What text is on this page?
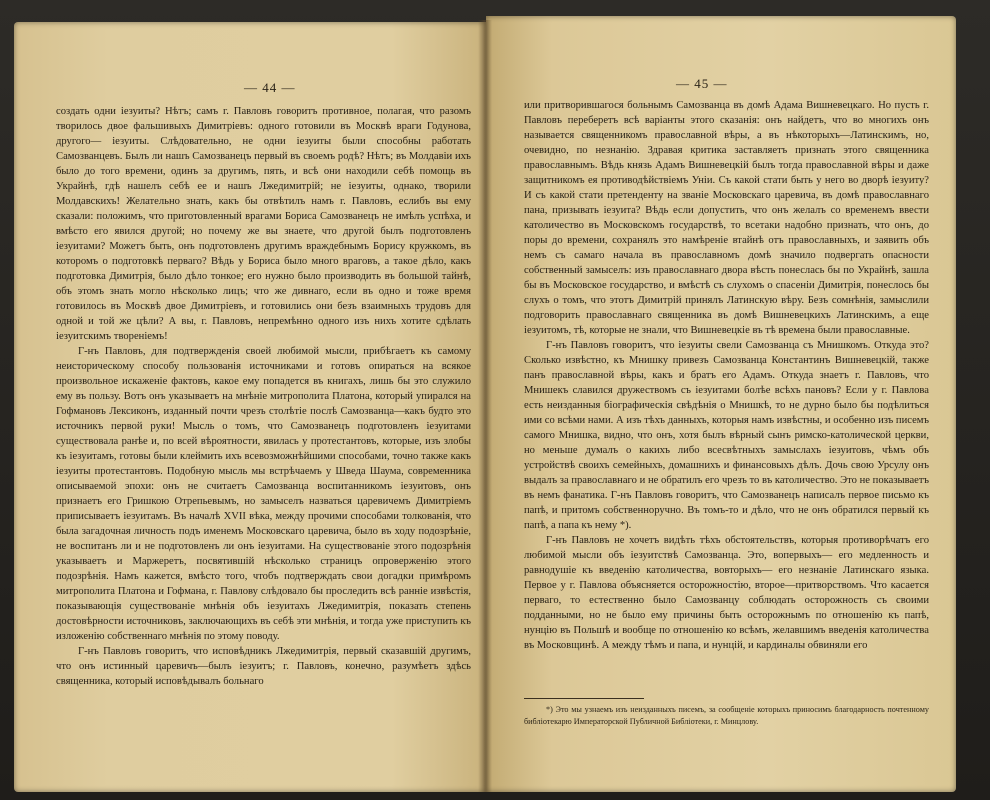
— 44 —

создать одни іезуиты? Нѣтъ; самъ г. Павловъ говоритъ противное, полагая, что разомъ творилось двое фальшивыхъ Димитріевъ: одного готовили въ Москвѣ враги Годунова, другого— іезуиты. Слѣдовательно, не одни іезуиты были способны работать Самозванцевъ. Былъ ли нашъ Самозванецъ первый въ своемъ родѣ? Нѣтъ; въ Молдавіи ихъ было до того времени, одинъ за другимъ, пять, и всѣ они находили себѣ помощь въ Украйнѣ, гдѣ нашелъ себѣ ее и нашъ Лжедимитрій; не іезуиты, однако, творили Молдавскихъ! Желательно знать, какъ бы отвѣтилъ намъ г. Павловъ, еслибъ вы ему сказали: положимъ, что приготовленный врагами Бориса Самозванецъ не имѣлъ успѣха, и вмѣсто его явился другой; но почему же вы знаете, что другой былъ подготовленъ іезуитами? Можетъ быть, онъ подготовленъ другимъ враждебнымъ Борису кружкомъ, въ которомъ о подготовкѣ перваго? Вѣдь у Бориса было много враговъ, а такое дѣло, какъ подготовка Димитрія, было дѣло тонкое; его нужно было производить въ большой тайнѣ, объ этомъ знать могло нѣсколько лицъ; что же дивнаго, если въ одно и тоже время готовилось въ Москвѣ двое Димитріевъ, и готовились они безъ взаимныхъ трудовъ для одной и той же цѣли? А вы, г. Павловъ, непремѣнно одного изъ нихъ хотите сдѣлать іезуитскимъ твореніемъ!

Г-нъ Павловъ, для подтвержденія своей любимой мысли, прибѣгаетъ къ самому неисторическому способу пользованія источниками и готовъ опираться на всякое произвольное искаженіе фактовъ, какое ему попадется въ книгахъ, лишь бы это служило ему въ пользу. Вотъ онъ указываетъ на мнѣніе митрополита Платона, который упирался на Гофмановъ Лексиконъ, изданный почти чрезъ столѣтіе послѣ Самозванца—какъ будто это источникъ первой руки! Мысль о томъ, что Самозванецъ подготовленъ іезуитами существовала ранѣе и, по всей вѣроятности, явилась у протестантовъ, которые, изъ злобы къ іезуитамъ, готовы были клеймить ихъ всевозможнѣйшими способами, точно также какъ іезуиты протестантовъ. Подобную мысль мы встрѣчаемъ у Шведа Шаума, современника описываемой эпохи: онъ не считаетъ Самозванца воспитанникомъ іезуитовъ, онъ признаетъ его Гришкою Отрепьевымъ, но замыселъ назваться царевичемъ Димитріемъ приписываетъ іезуитамъ. Въ началѣ XVII вѣка, между прочими способами толкованія, что была загадочная личность подъ именемъ Московскаго царевича, было въ ходу подозрѣніе, не воспитанъ ли и не подготовленъ ли онъ іезуитами. На существованіе этого подозрѣнія указываетъ и Маржеретъ, посвятившій нѣсколько страницъ опроверженію этого подозрѣнія. Намъ кажется, вмѣсто того, чтобъ подтверждать свои догадки примѣромъ митрополита Платона и Гофмана, г. Павлову слѣдовало бы проследить всѣ ранніе извѣстія, показывающія существованіе мнѣнія объ іезуитахъ Лжедимитрія, показать степень достовѣрности источниковъ, заключающихъ въ себѣ эти мнѣнія, и тогда уже приступить къ изложенію собственнаго мнѣнія по этому поводу.

Г-нъ Павловъ говоритъ, что исповѣдникъ Лжедимитрія, первый сказавшій другимъ, что онъ истинный царевичъ—былъ іезуитъ; г. Павловъ, конечно, разумѣетъ здѣсь священника, который исповѣдывалъ больнаго

— 45 —

или притворившагося больнымъ Самозванца въ домѣ Адама Вишневецкаго. Но пусть г. Павловъ переберетъ всѣ варіанты этого сказанія: онъ найдетъ, что во многихъ онъ называется священникомъ православной вѣры, а въ нѣкоторыхъ—Латинскимъ, но, очевидно, по незнанію. Здравая критика заставляетъ признать этого священника православнымъ. Вѣдь князь Адамъ Вишневецкій былъ тогда православной вѣры и даже защитникомъ ея противодѣйствіемъ Уніи. Съ какой стати быть у него во дворѣ іезуиту? И съ какой стати претенденту на званіе Московскаго царевича, въ домѣ православнаго пана, призывать іезуита? Вѣдь если допустить, что онъ желалъ со временемъ ввести католичество въ Московскомъ государствѣ, то всетаки надобно признать, что онъ, до поры до времени, сохранялъ это намѣреніе втайнѣ отъ православныхъ, и заявить объ немъ съ самаго начала въ православномъ домѣ значило подвергать опасности собственный замыселъ: изъ православнаго двора вѣсть понеслась бы по Украйнѣ, зашла бы въ Московское государство, и вмѣстѣ съ слухомъ о спасеніи Димитрія, понеслось бы слухъ о томъ, что этотъ Димитрій принялъ Латинскую вѣру. Безъ сомнѣнія, замыслили подговорить православнаго священника въ домѣ Вишневецкихъ Латинскимъ, а еще іезуитомъ, тѣ, которые не знали, что Вишневецкіе въ тѣ времена были православные.

Г-нъ Павловъ говоритъ, что іезуиты свели Самозванца съ Мнишкомъ. Откуда это? Сколько извѣстно, къ Мнишку привезъ Самозванца Константинъ Вишневецкій, также панъ православной вѣры, какъ и братъ его Адамъ. Откуда знаетъ г. Павловъ, что Мнишекъ славился дружествомъ съ іезуитами болѣе всѣхъ пановъ? Если у г. Павлова есть неизданныя біографическія свѣдѣнія о Мнишкѣ, то не дурно было бы подѣлиться ими со всѣми нами. А изъ тѣхъ данныхъ, которыя намъ извѣстны, и особенно изъ писемъ самого Мнишка, видно, что онъ, хотя былъ вѣрный сынъ римско-католической церкви, но меньше думалъ о какихъ либо всесвѣтныхъ замыслахъ іезуитовъ, чѣмъ объ устройствѣ своихъ семейныхъ, домашнихъ и финансовыхъ дѣлъ. Дочь свою Урсулу онъ выдалъ за православнаго и не обратилъ его чрезъ то въ католичество. Это не показываетъ въ немъ фанатика. Г-нъ Павловъ говоритъ, что Самозванецъ написалъ первое письмо къ папѣ, и притомъ собственноручно. Въ томъ-то и дѣло, что не онъ обратился первый къ папѣ, а папа къ нему *).

Г-нъ Павловъ не хочетъ видѣть тѣхъ обстоятельствъ, которыя противорѣчатъ его любимой мысли объ іезуитствѣ Самозванца. Это, вопервыхъ— его медленность и равнодушіе къ введенію католичества, вовторыхъ— его незнаніе Латинскаго языка. Первое у г. Павлова объясняется осторожностію, второе—притворствомъ. Что касается перваго, то естественно было Самозванцу соблюдать осторожность съ своими подданными, но не было ему причины быть осторожнымъ по отношенію къ папѣ, нунцію въ Польшѣ и вообще по отношенію ко всѣмъ, желавшимъ введенія католичества въ Московщинѣ. А между тѣмъ и папа, и нунцій, и кардиналы обвиняли его

*) Это мы узнаемъ изъ неизданныхъ писемъ, за сообщеніе которыхъ приносимъ благодарность почтенному библіотекарю Императорской Публичной Библіотеки, г. Минцлову.
